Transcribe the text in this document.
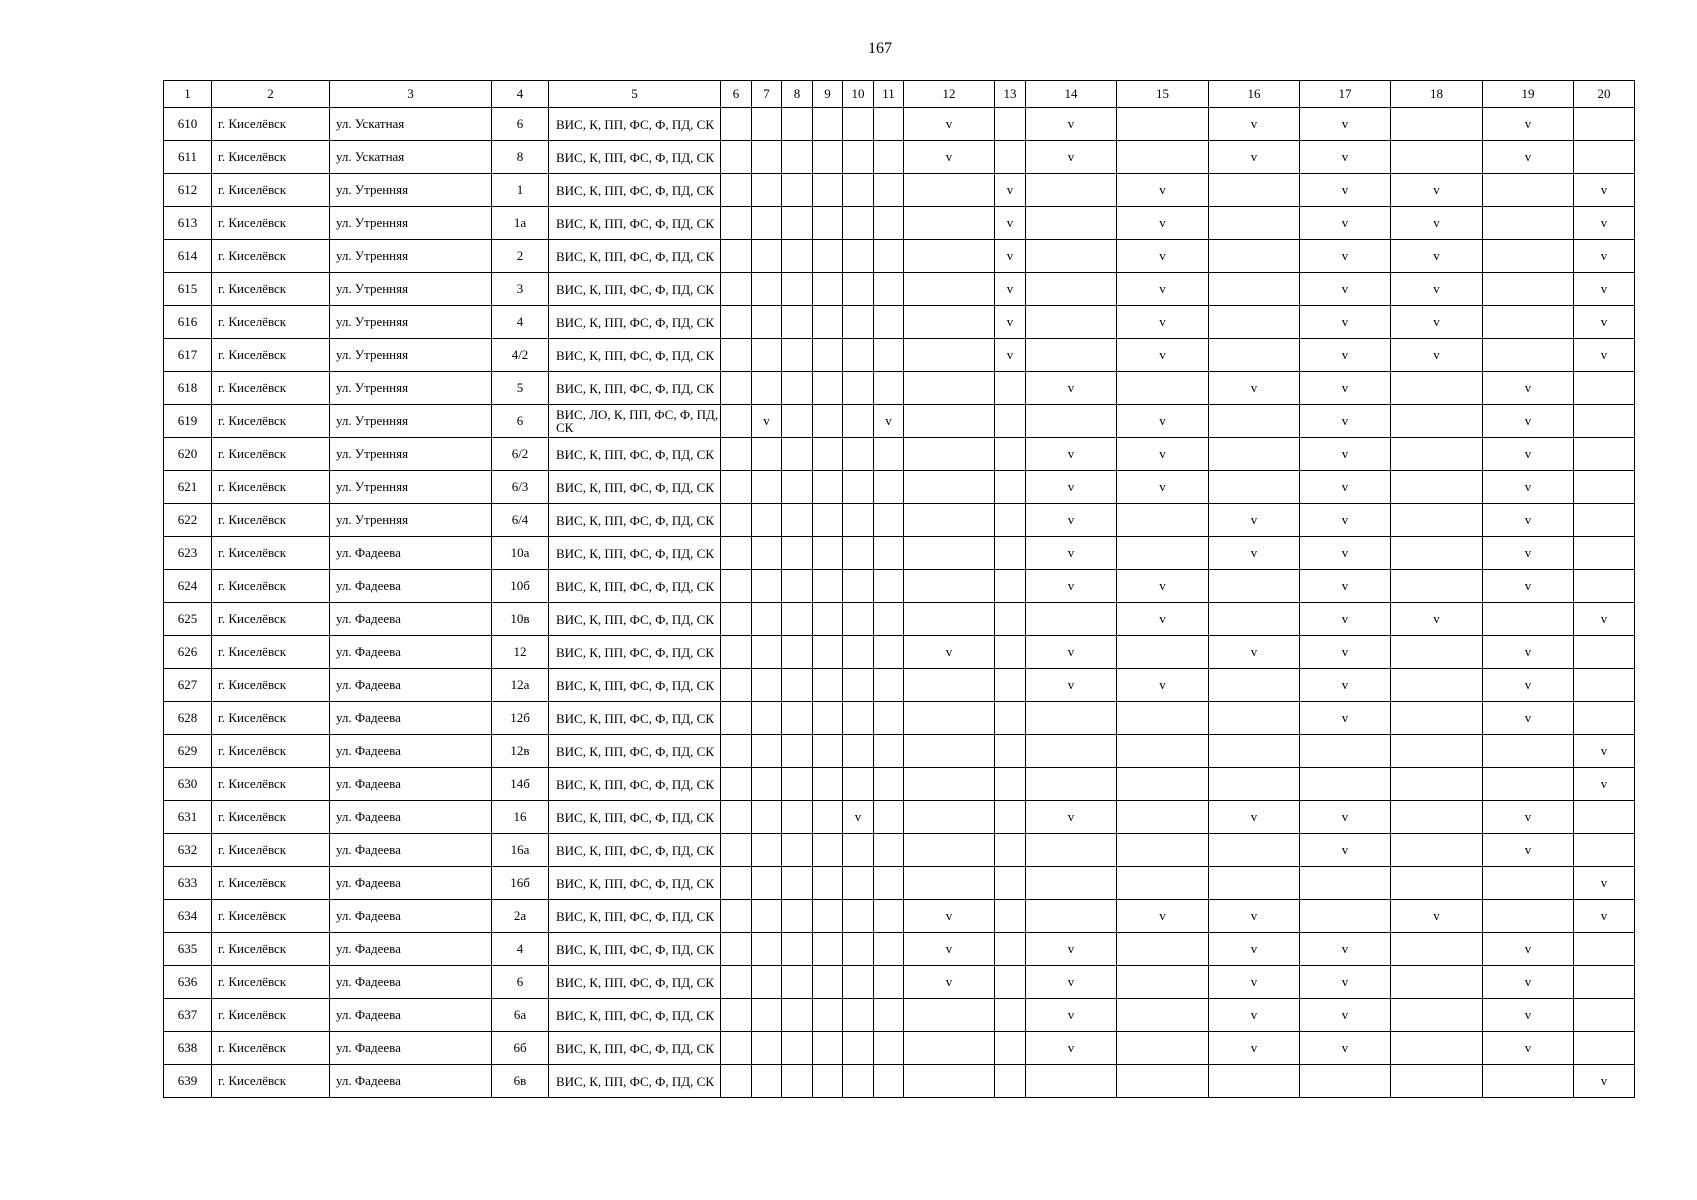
167
1	2	3	4	5	6	7	8	9	10	11	12	13	14	15	16	17	18	19	20
610	г. Киселёвск	ул. Ускатная	6	ВИС, К, ПП, ФС, Ф, ПД, СК							v		v		v	v		v	
611	г. Киселёвск	ул. Ускатная	8	ВИС, К, ПП, ФС, Ф, ПД, СК							v		v		v	v		v	
612	г. Киселёвск	ул. Утренняя	1	ВИС, К, ПП, ФС, Ф, ПД, СК								v		v		v	v		v
613	г. Киселёвск	ул. Утренняя	1а	ВИС, К, ПП, ФС, Ф, ПД, СК								v		v		v	v		v
614	г. Киселёвск	ул. Утренняя	2	ВИС, К, ПП, ФС, Ф, ПД, СК								v		v		v	v		v
615	г. Киселёвск	ул. Утренняя	3	ВИС, К, ПП, ФС, Ф, ПД, СК								v		v		v	v		v
616	г. Киселёвск	ул. Утренняя	4	ВИС, К, ПП, ФС, Ф, ПД, СК								v		v		v	v		v
617	г. Киселёвск	ул. Утренняя	4/2	ВИС, К, ПП, ФС, Ф, ПД, СК								v		v		v	v		v
618	г. Киселёвск	ул. Утренняя	5	ВИС, К, ПП, ФС, Ф, ПД, СК									v		v	v		v	
619	г. Киселёвск	ул. Утренняя	6	ВИС, ЛО, К, ПП, ФС, Ф, ПД, СК		v				v				v		v		v	
620	г. Киселёвск	ул. Утренняя	6/2	ВИС, К, ПП, ФС, Ф, ПД, СК									v	v		v		v	
621	г. Киселёвск	ул. Утренняя	6/3	ВИС, К, ПП, ФС, Ф, ПД, СК									v	v		v		v	
622	г. Киселёвск	ул. Утренняя	6/4	ВИС, К, ПП, ФС, Ф, ПД, СК									v		v	v		v	
623	г. Киселёвск	ул. Фадеева	10а	ВИС, К, ПП, ФС, Ф, ПД, СК									v		v	v		v	
624	г. Киселёвск	ул. Фадеева	10б	ВИС, К, ПП, ФС, Ф, ПД, СК									v	v		v		v	
625	г. Киселёвск	ул. Фадеева	10в	ВИС, К, ПП, ФС, Ф, ПД, СК										v		v	v		v
626	г. Киселёвск	ул. Фадеева	12	ВИС, К, ПП, ФС, Ф, ПД, СК							v		v		v	v		v	
627	г. Киселёвск	ул. Фадеева	12а	ВИС, К, ПП, ФС, Ф, ПД, СК									v	v		v		v	
628	г. Киселёвск	ул. Фадеева	12б	ВИС, К, ПП, ФС, Ф, ПД, СК												v		v	
629	г. Киселёвск	ул. Фадеева	12в	ВИС, К, ПП, ФС, Ф, ПД, СК															v
630	г. Киселёвск	ул. Фадеева	14б	ВИС, К, ПП, ФС, Ф, ПД, СК															v
631	г. Киселёвск	ул. Фадеева	16	ВИС, К, ПП, ФС, Ф, ПД, СК					v				v		v	v		v	
632	г. Киселёвск	ул. Фадеева	16а	ВИС, К, ПП, ФС, Ф, ПД, СК												v		v	
633	г. Киселёвск	ул. Фадеева	16б	ВИС, К, ПП, ФС, Ф, ПД, СК															v
634	г. Киселёвск	ул. Фадеева	2а	ВИС, К, ПП, ФС, Ф, ПД, СК							v			v	v		v		v
635	г. Киселёвск	ул. Фадеева	4	ВИС, К, ПП, ФС, Ф, ПД, СК							v		v		v	v		v	
636	г. Киселёвск	ул. Фадеева	6	ВИС, К, ПП, ФС, Ф, ПД, СК							v		v		v	v		v	
637	г. Киселёвск	ул. Фадеева	6а	ВИС, К, ПП, ФС, Ф, ПД, СК									v		v	v		v	
638	г. Киселёвск	ул. Фадеева	6б	ВИС, К, ПП, ФС, Ф, ПД, СК									v		v	v		v	
639	г. Киселёвск	ул. Фадеева	6в	ВИС, К, ПП, ФС, Ф, ПД, СК															v
